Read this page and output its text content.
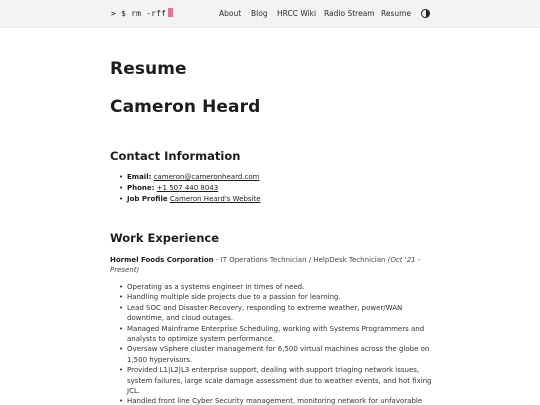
> $ rm -rff	About Blog HRCC Wiki Radio Stream Resume
Resume
Cameron Heard
Contact Information
• Email: cameron@cameronheard.com
• Phone: +1 507 440 8043
• Job Profile Cameron Heard's Website
Work Experience
Hormel Foods Corporation - IT Operations Technician / HelpDesk Technician (Oct '21 - Present)
• Operating as a systems engineer in times of need.
• Handling multiple side projects due to a passion for learning.
• Lead SOC and Disaster Recovery, responding to extreme weather, power/WAN downtime, and cloud outages.
• Managed Mainframe Enterprise Scheduling, working with Systems Programmers and analysts to optimize system performance.
• Oversaw vSphere cluster management for 6,500 virtual machines across the globe on 1,500 hypervisors.
• Provided L1|L2|L3 enterprise support, dealing with support triaging network issues, system failures, large scale damage assessment due to weather events, and hot fixing JCL.
• Handled front line Cyber Security management, monitoring network for unfavorable
